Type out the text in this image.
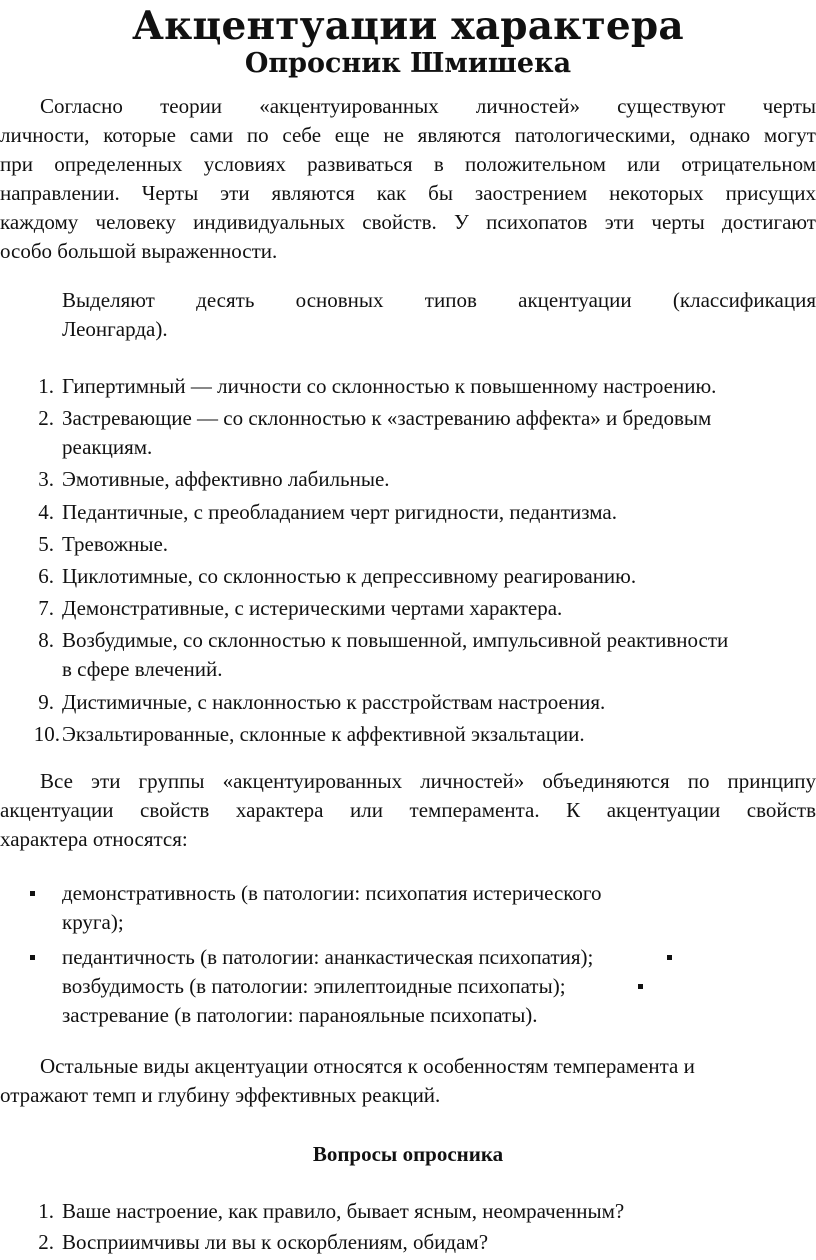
Акцентуации характера
Опросник Шмишека
Согласно теории «акцентуированных личностей» существуют черты
личности, которые сами по себе еще не являются патологическими, однако могут
при определенных условиях развиваться в положительном или отрицательном
направлении. Черты эти являются как бы заострением некоторых присущих
каждому человеку индивидуальных свойств. У психопатов эти черты достигают
особо большой выраженности.
Выделяют десять основных типов акцентуации (классификация
Леонгарда).
1. Гипертимный — личности со склонностью к повышенному настроению.
2. Застревающие — со склонностью к «застреванию аффекта» и бредовым
реакциям.
3. Эмотивные, аффективно лабильные.
4. Педантичные, с преобладанием черт ригидности, педантизма.
5. Тревожные.
6. Циклотимные, со склонностью к депрессивному реагированию.
7. Демонстративные, с истерическими чертами характера.
8. Возбудимые, со склонностью к повышенной, импульсивной реактивности
в сфере влечений.
9. Дистимичные, с наклонностью к расстройствам настроения.
10. Экзальтированные, склонные к аффективной экзальтации.
Все эти группы «акцентуированных личностей» объединяются по принципу
акцентуации свойств характера или темперамента. К акцентуации свойств
характера относятся:
демонстративность (в патологии: психопатия истерического
круга);
педантичность (в патологии: ананкастическая психопатия);
возбудимость (в патологии: эпилептоидные психопаты);
застревание (в патологии: паранояльные психопаты).
Остальные виды акцентуации относятся к особенностям темперамента и
отражают темп и глубину эффективных реакций.
Вопросы опросника
1. Ваше настроение, как правило, бывает ясным, неомраченным?
2. Восприимчивы ли вы к оскорблениям, обидам?
